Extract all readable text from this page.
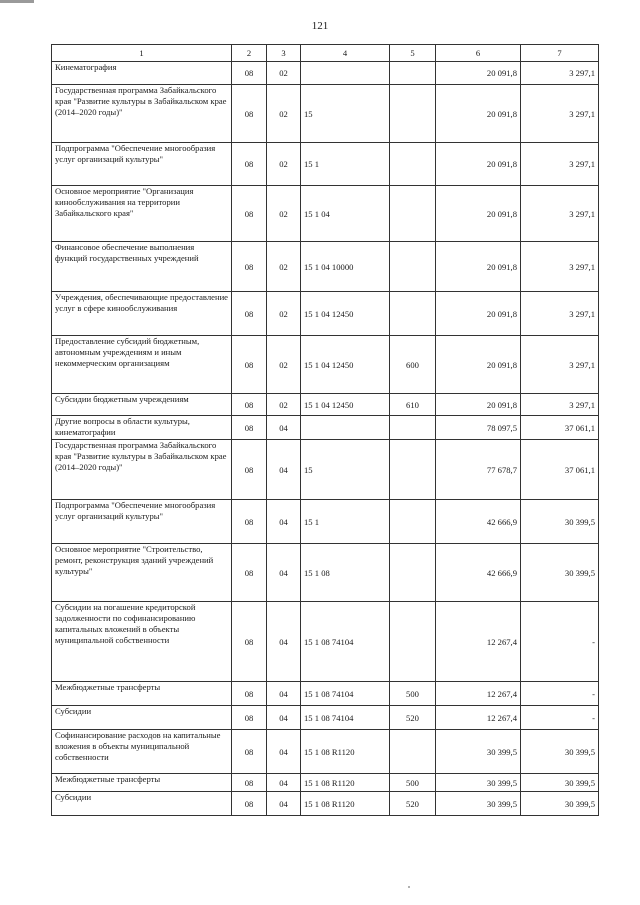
121
1	2	3	4	5	6	7
Кинематография	08	02			20 091,8	3 297,1
Государственная программа Забайкальского края "Развитие культуры в Забайкальском крае (2014–2020 годы)"	08	02	15		20 091,8	3 297,1
Подпрограмма "Обеспечение многообразия услуг организаций культуры"	08	02	15 1		20 091,8	3 297,1
Основное мероприятие "Организация кинообслуживания на территории Забайкальского края"	08	02	15 1 04		20 091,8	3 297,1
Финансовое обеспечение выполнения функций государственных учреждений	08	02	15 1 04 10000		20 091,8	3 297,1
Учреждения, обеспечивающие предоставление услуг в сфере кинообслуживания	08	02	15 1 04 12450		20 091,8	3 297,1
Предоставление субсидий бюджетным, автономным учреждениям и иным некоммерческим организациям	08	02	15 1 04 12450	600	20 091,8	3 297,1
Субсидии бюджетным учреждениям	08	02	15 1 04 12450	610	20 091,8	3 297,1
Другие вопросы в области культуры, кинематографии	08	04			78 097,5	37 061,1
Государственная программа Забайкальского края "Развитие культуры в Забайкальском крае (2014–2020 годы)"	08	04	15		77 678,7	37 061,1
Подпрограмма "Обеспечение многообразия услуг организаций культуры"	08	04	15 1		42 666,9	30 399,5
Основное мероприятие "Строительство, ремонт, реконструкция зданий учреждений культуры"	08	04	15 1 08		42 666,9	30 399,5
Субсидии на погашение кредиторской задолженности по софинансированию капитальных вложений в объекты муниципальной собственности	08	04	15 1 08 74104		12 267,4	-
Межбюджетные трансферты	08	04	15 1 08 74104	500	12 267,4	-
Субсидии	08	04	15 1 08 74104	520	12 267,4	-
Софинансирование расходов на капитальные вложения в объекты муниципальной собственности	08	04	15 1 08 R1120		30 399,5	30 399,5
Межбюджетные трансферты	08	04	15 1 08 R1120	500	30 399,5	30 399,5
Субсидии	08	04	15 1 08 R1120	520	30 399,5	30 399,5
